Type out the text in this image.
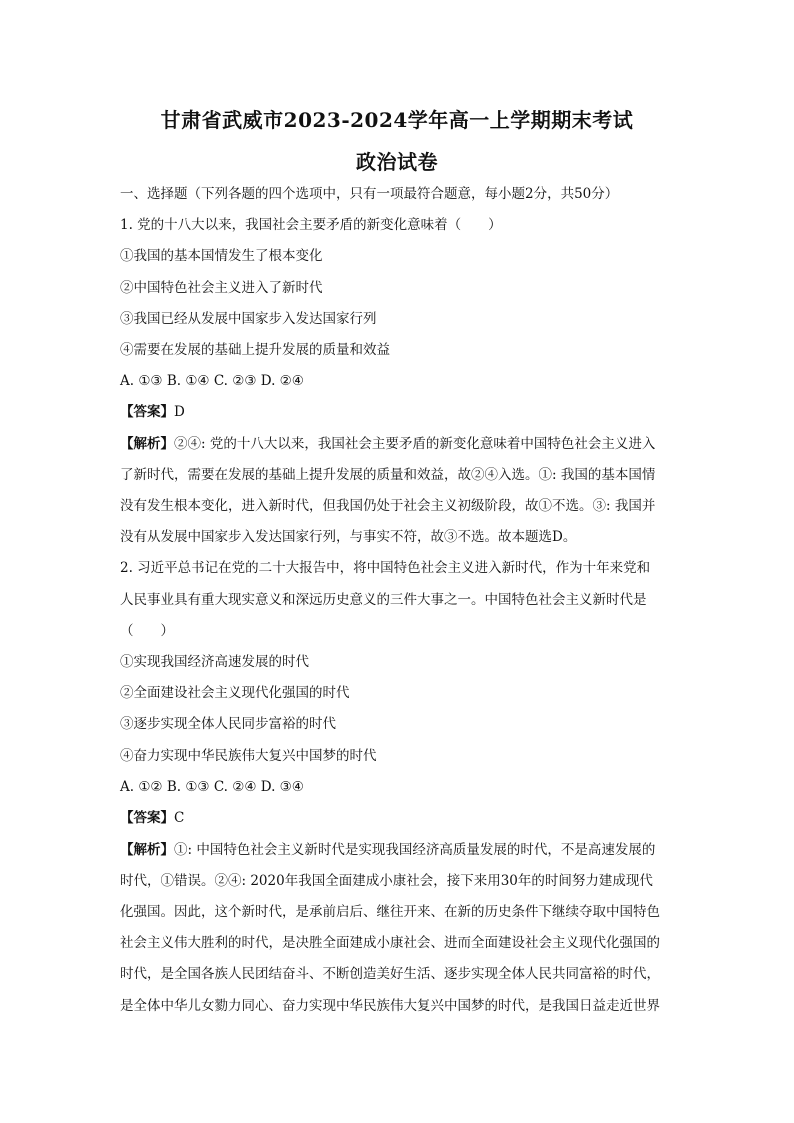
甘肃省武威市2023-2024学年高一上学期期末考试
政治试卷
一、选择题（下列各题的四个选项中，只有一项最符合题意，每小题2分，共50分）
1. 党的十八大以来，我国社会主要矛盾的新变化意味着（　　）
①我国的基本国情发生了根本变化
②中国特色社会主义进入了新时代
③我国已经从发展中国家步入发达国家行列
④需要在发展的基础上提升发展的质量和效益
A. ①③ B. ①④ C. ②③ D. ②④
【答案】D
【解析】②④: 党的十八大以来，我国社会主要矛盾的新变化意味着中国特色社会主义进入
了新时代，需要在发展的基础上提升发展的质量和效益，故②④入选。①: 我国的基本国情
没有发生根本变化，进入新时代，但我国仍处于社会主义初级阶段，故①不选。③: 我国并
没有从发展中国家步入发达国家行列，与事实不符，故③不选。故本题选D。
2. 习近平总书记在党的二十大报告中，将中国特色社会主义进入新时代，作为十年来党和
人民事业具有重大现实意义和深远历史意义的三件大事之一。中国特色社会主义新时代是
（　　）
①实现我国经济高速发展的时代
②全面建设社会主义现代化强国的时代
③逐步实现全体人民同步富裕的时代
④奋力实现中华民族伟大复兴中国梦的时代
A. ①② B. ①③ C. ②④ D. ③④
【答案】C
【解析】①: 中国特色社会主义新时代是实现我国经济高质量发展的时代，不是高速发展的
时代，①错误。②④: 2020年我国全面建成小康社会，接下来用30年的时间努力建成现代
化强国。因此，这个新时代，是承前启后、继往开来、在新的历史条件下继续夺取中国特色
社会主义伟大胜利的时代，是决胜全面建成小康社会、进而全面建设社会主义现代化强国的
时代，是全国各族人民团结奋斗、不断创造美好生活、逐步实现全体人民共同富裕的时代，
是全体中华儿女勠力同心、奋力实现中华民族伟大复兴中国梦的时代，是我国日益走近世界
